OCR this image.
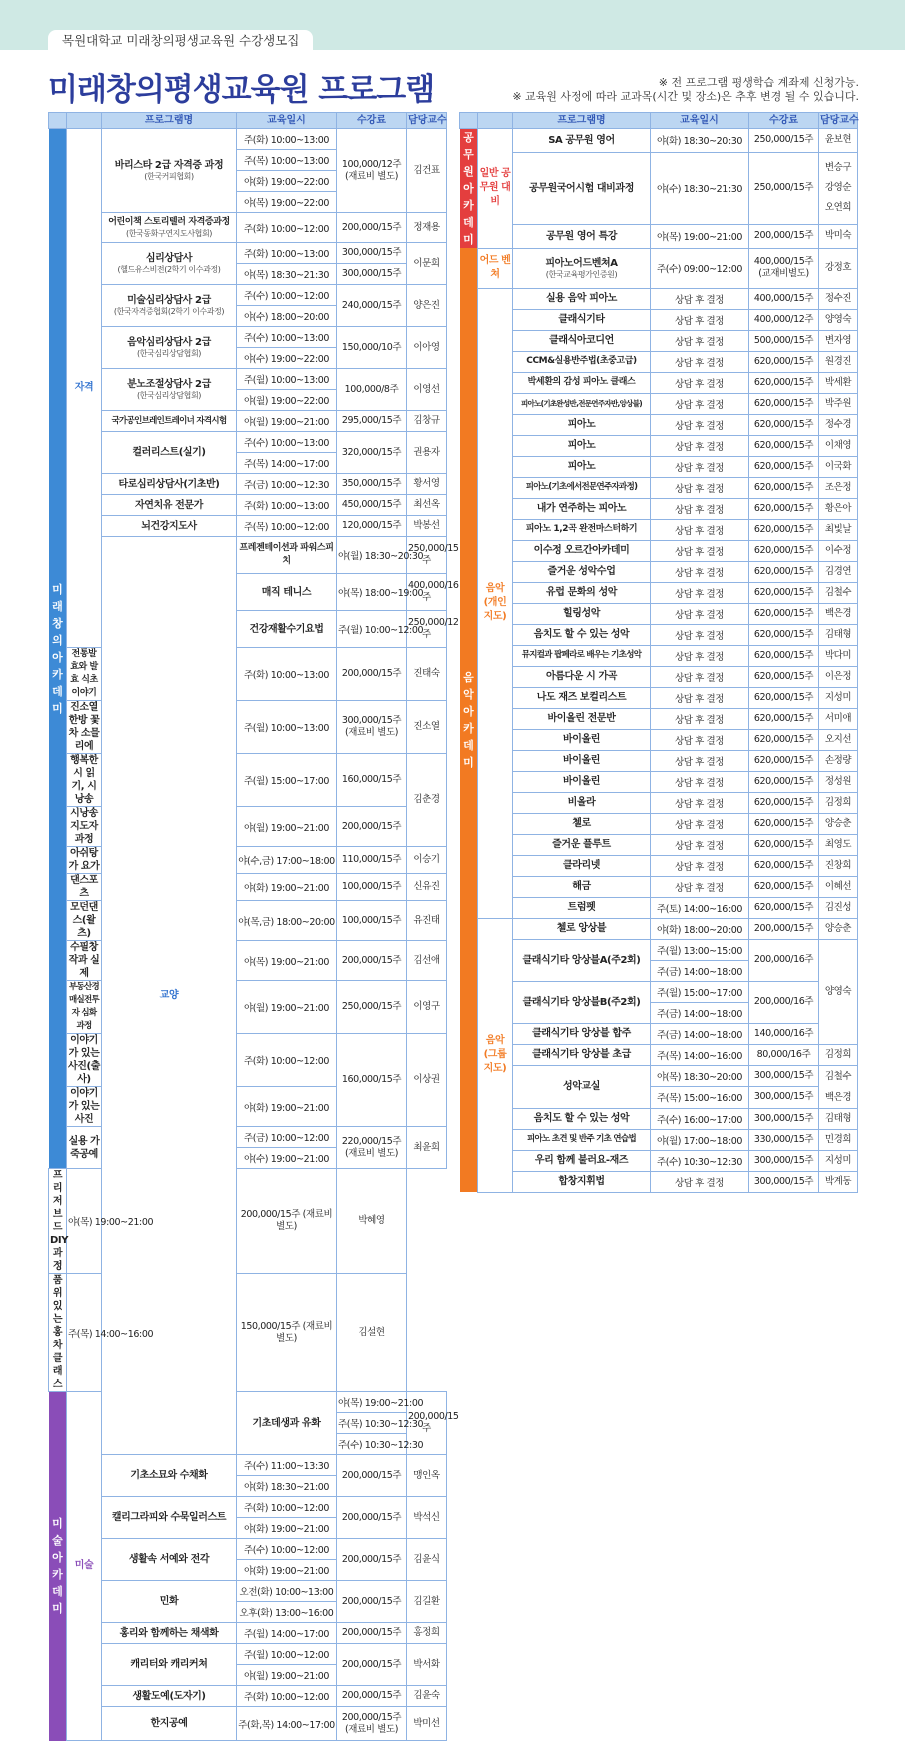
목원대학교 미래창의평생교육원 수강생모집
미래창의평생교육원 프로그램	※ 전 프로그램 평생학습 계좌제 신청가능.
※ 교육원 사정에 따라 교과목(시간 및 장소)은 추후 변경 될 수 있습니다.
		프로그램명	교육일시	수강료	담당교수	
미래창의아카데미	자격	바리스타 2급 자격증 과정
(한국커피협회)	주(화) 10:00~13:00	100,000/12주 (재료비 별도)	김건표	
			주(목) 10:00~13:00			
			야(화) 19:00~22:00			
			야(목) 19:00~22:00			
		어린이책 스토리텔러 자격증과정
(한국동화구연지도사협회)	주(화) 10:00~12:00	200,000/15주	정재용	
		심리상담사
(헬드유스비전(2학기 이수과정)	주(화) 10:00~13:00	300,000/15주	이문희	
			야(목) 18:30~21:30	300,000/15주		
		미술심리상담사 2급
(한국자격증협회(2학기 이수과정)	주(수) 10:00~12:00	240,000/15주	양은진	
			야(수) 18:00~20:00			
		음악심리상담사 2급
(한국심리상담협회)	주(수) 10:00~13:00	150,000/10주	이아영	
			야(수) 19:00~22:00			
		분노조절상담사 2급
(한국심리상담협회)	주(월) 10:00~13:00	100,000/8주	이영선	
			야(월) 19:00~22:00			
		국가공인브레인트레이너 자격시험	야(월) 19:00~21:00	295,000/15주	김창규	
		컬러리스트(실기)	주(수) 10:00~13:00	320,000/15주	권용자	
			주(목) 14:00~17:00			
		타로심리상담사(기초반)	주(금) 10:00~12:30	350,000/15주	황서영	
		자연치유 전문가	주(화) 10:00~13:00	450,000/15주	최선옥	
		뇌건강지도사	주(목) 10:00~12:00	120,000/15주	박봉선	
		교양	프레젠테이션과 파워스피치	야(월) 18:30~20:30	250,000/15주	
			매직 테니스	야(목) 18:00~19:00	400,000/16주	
			건강재활수기요법	주(월) 10:00~12:00	250,000/12주	
	전통발효와 발효 식초 이야기		주(화) 10:00~13:00	200,000/15주	진태숙	
	진소열 한방 꽃차 소믈리에		주(월) 10:00~13:00	300,000/15주 (재료비 별도)	진소열	
	행복한 시 읽기, 시낭송		주(월) 15:00~17:00	160,000/15주	김춘경	
	시낭송 지도자 과정		야(월) 19:00~21:00	200,000/15주		
	아쉬탕가 요가		야(수,금) 17:00~18:00	110,000/15주	이승기	
	댄스포츠		야(화) 19:00~21:00	100,000/15주	신유진	
	모던댄스(왈츠)		야(목,금) 18:00~20:00	100,000/15주	유진태	
	수필창작과 실제		야(목) 19:00~21:00	200,000/15주	김선애	
	부동산경매실전투자 심화과정		야(월) 19:00~21:00	250,000/15주	이영구	
	이야기가 있는 사진(출사)		주(화) 10:00~12:00	160,000/15주	이상권	
	이야기가 있는 사진		야(화) 19:00~21:00			
	실용 가죽공예		주(금) 10:00~12:00	220,000/15주 (재료비 별도)	최윤희	
			야(수) 19:00~21:00			
프리저브드 DIY과정	야(목) 19:00~21:00		200,000/15주 (재료비 별도)	박혜영		
품위있는 홍차클래스	주(목) 14:00~16:00		150,000/15주 (재료비 별도)	김설현		
미술아카데미	미술		기초데생과 유화	야(목) 19:00~21:00	200,000/15주	
				주(목) 10:30~12:30		
				주(수) 10:30~12:30		
		기초소묘와 수채화	주(수) 11:00~13:30	200,000/15주	맹인옥	
			야(화) 18:30~21:00			
		캘리그라피와 수묵일러스트	주(화) 10:00~12:00	200,000/15주	박석신	
			야(화) 19:00~21:00			
		생활속 서예와 전각	주(수) 10:00~12:00	200,000/15주	김윤식	
			야(화) 19:00~21:00			
		민화	오전(화) 10:00~13:00	200,000/15주	김길환	
			오후(화) 13:00~16:00			
		홍리와 함께하는 채색화	주(월) 14:00~17:00	200,000/15주	홍정희	
		캐리터와 캐리커쳐	주(월) 10:00~12:00	200,000/15주	박서화	
			야(월) 19:00~21:00			
		생활도예(도자기)	주(화) 10:00~12:00	200,000/15주	김윤숙	
		한지공예	주(화,목) 14:00~17:00	200,000/15주 (재료비 별도)	박미선	
		프로그램명	교육일시	수강료	담당교수
공무원아카데미	일반 공무원 대비	SA 공무원 영어	야(화) 18:30~20:30	250,000/15주	윤보현
		공무원국어시험 대비과정	야(수) 18:30~21:30	250,000/15주	변승구 강영순 오연희
		공무원 영어 특강	야(목) 19:00~21:00	200,000/15주	박미숙
음악아카데미	어드 벤쳐	피아노어드벤쳐A
(한국교육평가인증원)	주(수) 09:00~12:00	400,000/15주 (교재비별도)	강정호
	음악 (개인 지도)	실용 음악 피아노	상담 후 결정	400,000/15주	정수진
		클래식기타	상담 후 결정	400,000/12주	양영숙
		클래식아코디언	상담 후 결정	500,000/15주	변자영
		CCM&실용반주법(초중고급)	상담 후 결정	620,000/15주	원경진
		박세환의 감성 피아노 클래스	상담 후 결정	620,000/15주	박세환
		피아노(기초완성반,전문연주자반,앙상블)	상담 후 결정	620,000/15주	박주원
		피아노	상담 후 결정	620,000/15주	정수경
		피아노	상담 후 결정	620,000/15주	이채영
		피아노	상담 후 결정	620,000/15주	이국화
		피아노(기초에서전문연주자과정)	상담 후 결정	620,000/15주	조은정
		내가 연주하는 피아노	상담 후 결정	620,000/15주	황은아
		피아노 1,2곡 완전마스터하기	상담 후 결정	620,000/15주	최빛날
		이수정 오르간아카데미	상담 후 결정	620,000/15주	이수정
		즐거운 성악수업	상담 후 결정	620,000/15주	김경연
		유럽 문화의 성악	상담 후 결정	620,000/15주	김철수
		힐링성악	상담 후 결정	620,000/15주	백은경
		음치도 할 수 있는 성악	상담 후 결정	620,000/15주	김태형
		뮤지컬과 팝페라로 배우는 기초성악	상담 후 결정	620,000/15주	박다미
		아름다운 시 가곡	상담 후 결정	620,000/15주	이은정
		나도 재즈 보컬리스트	상담 후 결정	620,000/15주	지성미
		바이올린 전문반	상담 후 결정	620,000/15주	서미애
		바이올린	상담 후 결정	620,000/15주	오지선
		바이올린	상담 후 결정	620,000/15주	손정량
		바이올린	상담 후 결정	620,000/15주	정성원
		비올라	상담 후 결정	620,000/15주	김정희
		첼로	상담 후 결정	620,000/15주	양승춘
		즐거운 플루트	상담 후 결정	620,000/15주	최영도
		클라리넷	상담 후 결정	620,000/15주	진창희
		해금	상담 후 결정	620,000/15주	이혜선
		트럼펫	주(토) 14:00~16:00	620,000/15주	김진성
	음악 (그룹 지도)	첼로 앙상블	야(화) 18:00~20:00	200,000/15주	양승춘
		클래식기타 앙상블A(주2회)	주(월) 13:00~15:00	200,000/16주	양영숙
			주(금) 14:00~18:00		
		클래식기타 앙상블B(주2회)	주(월) 15:00~17:00	200,000/16주	
			주(금) 14:00~18:00		
		클래식기타 앙상블 합주	주(금) 14:00~18:00	140,000/16주	
		클래식기타 앙상블 초급	주(목) 14:00~16:00	80,000/16주	김정희
		성악교실	야(목) 18:30~20:00	300,000/15주	김철수 백은경
			주(목) 15:00~16:00	300,000/15주	
		음치도 할 수 있는 성악	주(수) 16:00~17:00	300,000/15주	김태형
		피아노 초견 및 반주 기초 연습법	야(월) 17:00~18:00	330,000/15주	민경희
		우리 함께 불러요-재즈	주(수) 10:30~12:30	300,000/15주	지성미
		합창지휘법	상담 후 결정	300,000/15주	박계동
